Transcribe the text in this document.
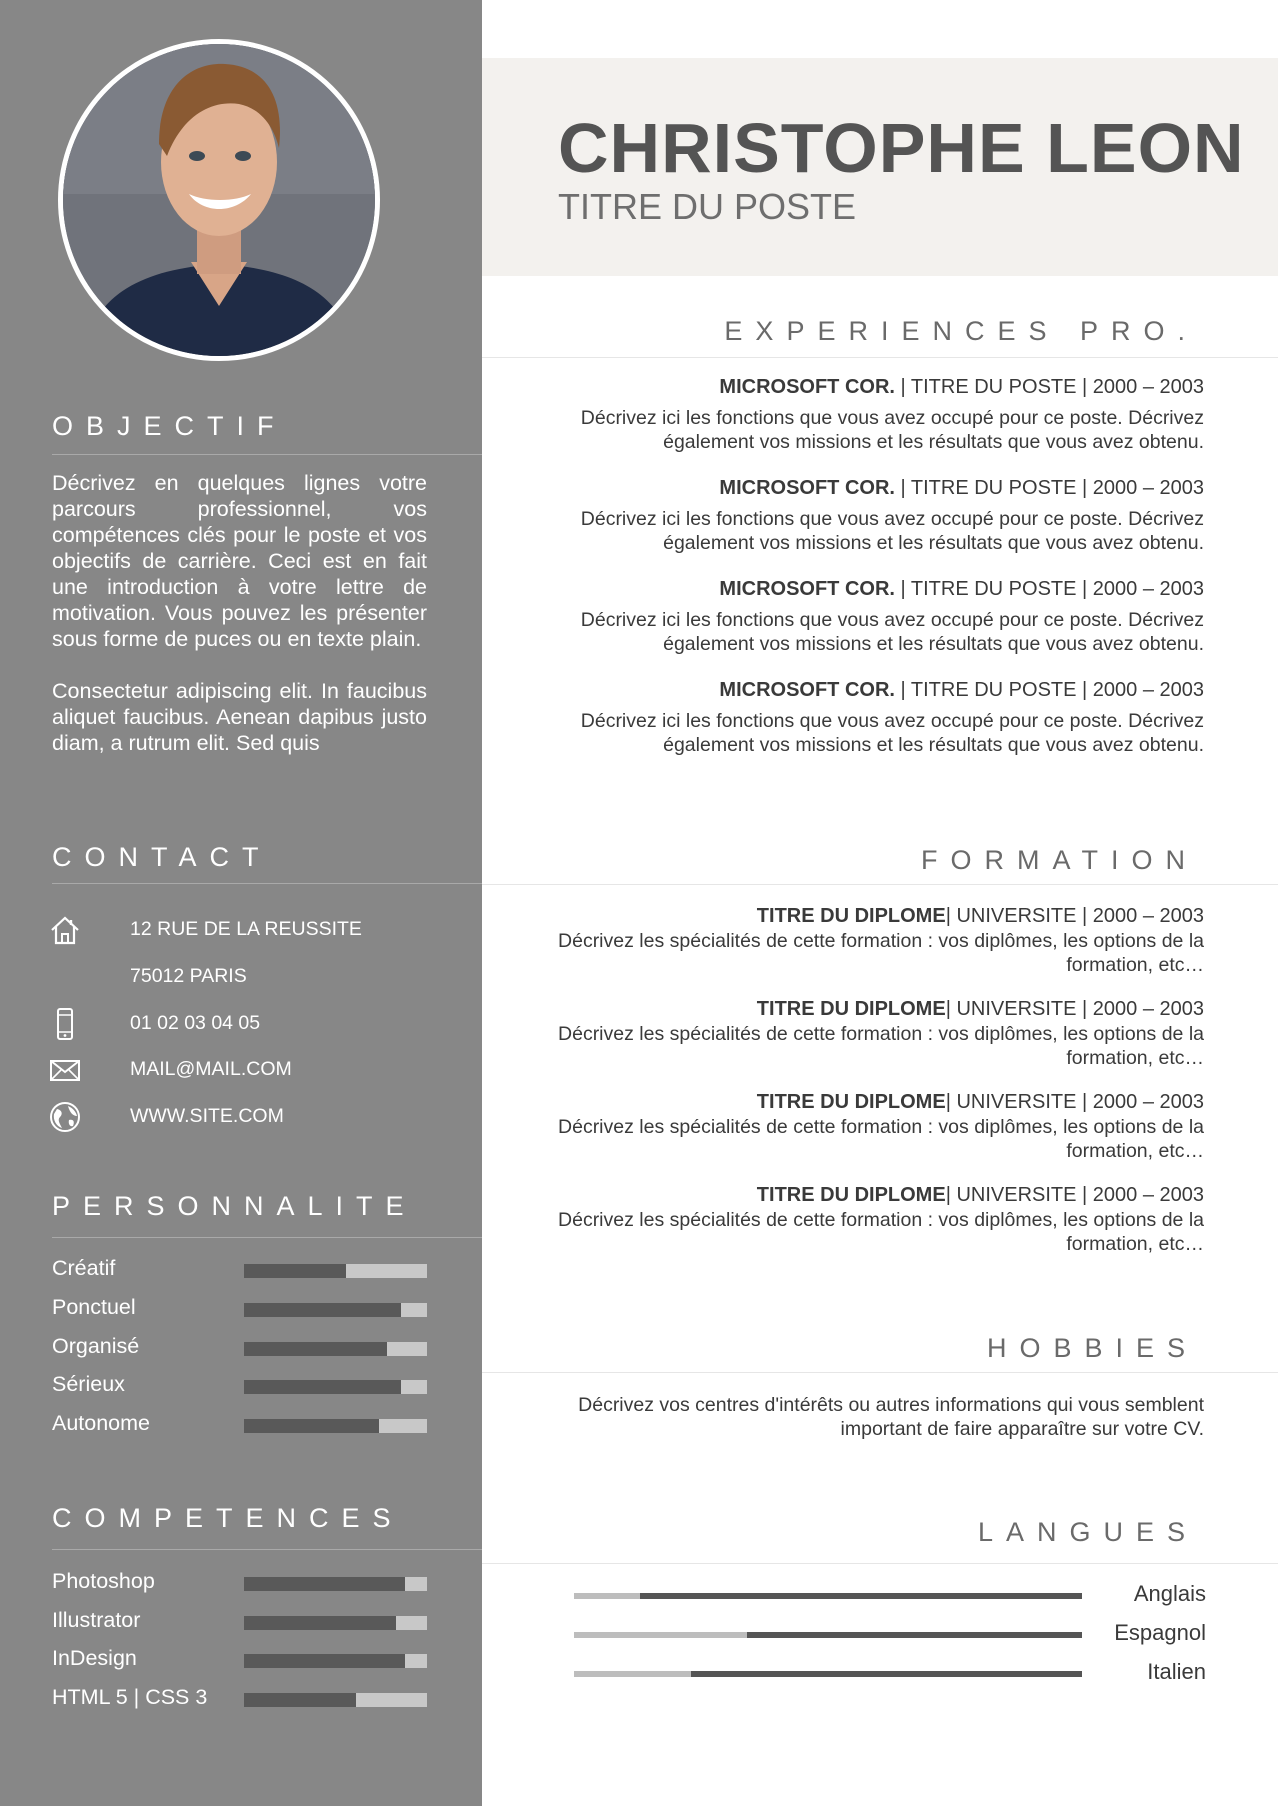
OBJECTIF

Décrivez en quelques lignes votre parcours professionnel, vos compétences clés pour le poste et vos objectifs de carrière. Ceci est en fait une introduction à votre lettre de motivation. Vous pouvez les présenter sous forme de puces ou en texte plain.

Consectetur adipiscing elit. In faucibus aliquet faucibus. Aenean dapibus justo diam, a rutrum elit. Sed quis

CONTACT
12 RUE DE LA REUSSITE
75012 PARIS
01 02 03 04 05
MAIL@MAIL.COM
WWW.SITE.COM
PERSONNALITE
Créatif
Ponctuel
Organisé
Sérieux
Autonome
COMPETENCES
Photoshop
Illustrator
InDesign
HTML 5 | CSS 3
CHRISTOPHE LEON

TITRE DU POSTE

EXPERIENCES PRO.
MICROSOFT COR. | TITRE DU POSTE | 2000 – 2003
Décrivez ici les fonctions que vous avez occupé pour ce poste. Décrivez également vos missions et les résultats que vous avez obtenu.
MICROSOFT COR. | TITRE DU POSTE | 2000 – 2003
Décrivez ici les fonctions que vous avez occupé pour ce poste. Décrivez également vos missions et les résultats que vous avez obtenu.
MICROSOFT COR. | TITRE DU POSTE | 2000 – 2003
Décrivez ici les fonctions que vous avez occupé pour ce poste. Décrivez également vos missions et les résultats que vous avez obtenu.
MICROSOFT COR. | TITRE DU POSTE | 2000 – 2003
Décrivez ici les fonctions que vous avez occupé pour ce poste. Décrivez également vos missions et les résultats que vous avez obtenu.
FORMATION
TITRE DU DIPLOME| UNIVERSITE | 2000 – 2003
Décrivez les spécialités de cette formation : vos diplômes, les options de la formation, etc…
TITRE DU DIPLOME| UNIVERSITE | 2000 – 2003
Décrivez les spécialités de cette formation : vos diplômes, les options de la formation, etc…
TITRE DU DIPLOME| UNIVERSITE | 2000 – 2003
Décrivez les spécialités de cette formation : vos diplômes, les options de la formation, etc…
TITRE DU DIPLOME| UNIVERSITE | 2000 – 2003
Décrivez les spécialités de cette formation : vos diplômes, les options de la formation, etc…
HOBBIES
Décrivez vos centres d'intérêts ou autres informations qui vous semblent important de faire apparaître sur votre CV.
LANGUES
Anglais
Espagnol
Italien
